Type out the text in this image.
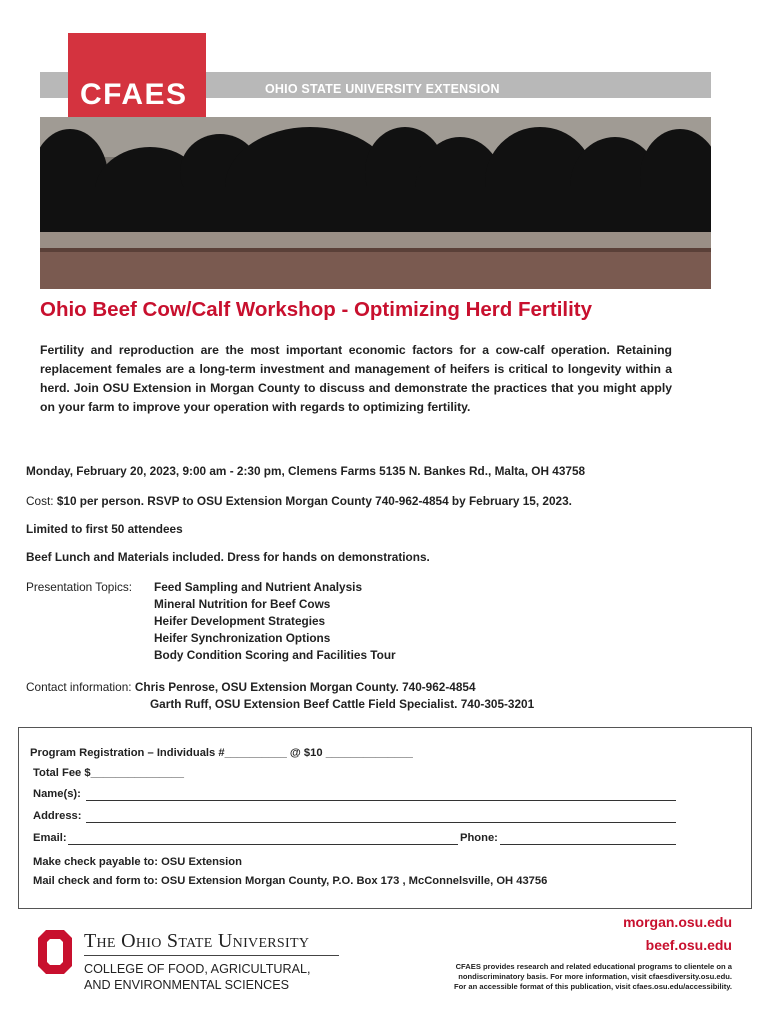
OHIO STATE UNIVERSITY EXTENSION
CFAES
Ohio Beef Cow/Calf Workshop - Optimizing Herd Fertility
Fertility and reproduction are the most important economic factors for a cow-calf operation. Retaining replacement females are a long-term investment and management of heifers is critical to longevity within a herd. Join OSU Extension in Morgan County to discuss and demonstrate the practices that you might apply on your farm to improve your operation with regards to optimizing fertility.
Monday, February 20, 2023, 9:00 am - 2:30 pm, Clemens Farms 5135 N. Bankes Rd., Malta, OH 43758
Cost: $10 per person. RSVP to OSU Extension Morgan County 740-962-4854 by February 15, 2023.
Limited to first 50 attendees
Beef Lunch and Materials included. Dress for hands on demonstrations.
Presentation Topics: Feed Sampling and Nutrient Analysis
Mineral Nutrition for Beef Cows
Heifer Development Strategies
Heifer Synchronization Options
Body Condition Scoring and Facilities Tour
Contact information: Chris Penrose, OSU Extension Morgan County. 740-962-4854
Garth Ruff, OSU Extension Beef Cattle Field Specialist. 740-305-3201
Program Registration – Individuals #__________ @ $10 ______________
Total Fee $_______________
Name(s):
Address:
Email:	Phone:
Make check payable to: OSU Extension
Mail check and form to: OSU Extension Morgan County, P.O. Box 173 , McConnelsville, OH 43756
The Ohio State University
COLLEGE OF FOOD, AGRICULTURAL,
AND ENVIRONMENTAL SCIENCES
morgan.osu.edu
beef.osu.edu
CFAES provides research and related educational programs to clientele on a nondiscriminatory basis. For more information, visit cfaesdiversity.osu.edu. For an accessible format of this publication, visit cfaes.osu.edu/accessibility.
